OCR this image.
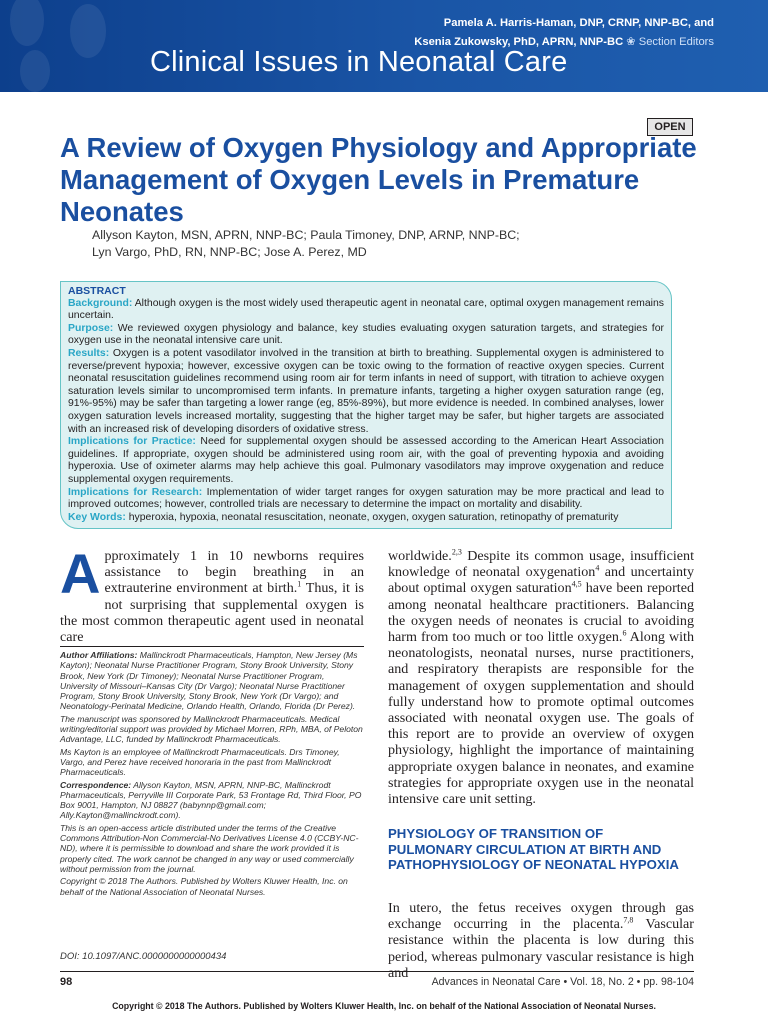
Pamela A. Harris-Haman, DNP, CRNP, NNP-BC, and
Ksenia Zukowsky, PhD, APRN, NNP-BC ❀ Section Editors
Clinical Issues in Neonatal Care
OPEN
A Review of Oxygen Physiology and Appropriate Management of Oxygen Levels in Premature Neonates
Allyson Kayton, MSN, APRN, NNP-BC; Paula Timoney, DNP, ARNP, NNP-BC;
Lyn Vargo, PhD, RN, NNP-BC; Jose A. Perez, MD
ABSTRACT

Background: Although oxygen is the most widely used therapeutic agent in neonatal care, optimal oxygen management remains uncertain.

Purpose: We reviewed oxygen physiology and balance, key studies evaluating oxygen saturation targets, and strategies for oxygen use in the neonatal intensive care unit.

Results: Oxygen is a potent vasodilator involved in the transition at birth to breathing. Supplemental oxygen is administered to reverse/prevent hypoxia; however, excessive oxygen can be toxic owing to the formation of reactive oxygen species. Current neonatal resuscitation guidelines recommend using room air for term infants in need of support, with titration to achieve oxygen saturation levels similar to uncompromised term infants. In premature infants, targeting a higher oxygen saturation range (eg, 91%-95%) may be safer than targeting a lower range (eg, 85%-89%), but more evidence is needed. In combined analyses, lower oxygen saturation levels increased mortality, suggesting that the higher target may be safer, but higher targets are associated with an increased risk of developing disorders of oxidative stress.

Implications for Practice: Need for supplemental oxygen should be assessed according to the American Heart Association guidelines. If appropriate, oxygen should be administered using room air, with the goal of preventing hypoxia and avoiding hyperoxia. Use of oximeter alarms may help achieve this goal. Pulmonary vasodilators may improve oxygenation and reduce supplemental oxygen requirements.

Implications for Research: Implementation of wider target ranges for oxygen saturation may be more practical and lead to improved outcomes; however, controlled trials are necessary to determine the impact on mortality and disability.

Key Words: hyperoxia, hypoxia, neonatal resuscitation, neonate, oxygen, oxygen saturation, retinopathy of prematurity

Approximately 1 in 10 newborns requires assistance to begin breathing in an extrauterine environment at birth.$^1$ Thus, it is not surprising that supplemental oxygen is the most common therapeutic agent used in neonatal care

Author Affiliations: Mallinckrodt Pharmaceuticals, Hampton, New Jersey (Ms Kayton); Neonatal Nurse Practitioner Program, Stony Brook University, Stony Brook, New York (Dr Timoney); Neonatal Nurse Practitioner Program, University of Missouri–Kansas City (Dr Vargo); Neonatal Nurse Practitioner Program, Stony Brook University, Stony Brook, New York (Dr Vargo); and Neonatology-Perinatal Medicine, Orlando Health, Orlando, Florida (Dr Perez).

The manuscript was sponsored by Mallinckrodt Pharmaceuticals. Medical writing/editorial support was provided by Michael Morren, RPh, MBA, of Peloton Advantage, LLC, funded by Mallinckrodt Pharmaceuticals.

Ms Kayton is an employee of Mallinckrodt Pharmaceuticals. Drs Timoney, Vargo, and Perez have received honoraria in the past from Mallinckrodt Pharmaceuticals.

Correspondence: Allyson Kayton, MSN, APRN, NNP-BC, Mallinckrodt Pharmaceuticals, Perryville III Corporate Park, 53 Frontage Rd, Third Floor, PO Box 9001, Hampton, NJ 08827 (babynnp@gmail.com; Ally.Kayton@mallinckrodt.com).

This is an open-access article distributed under the terms of the Creative Commons Attribution-Non Commercial-No Derivatives License 4.0 (CCBY-NC-ND), where it is permissible to download and share the work provided it is properly cited. The work cannot be changed in any way or used commercially without permission from the journal.

Copyright © 2018 The Authors. Published by Wolters Kluwer Health, Inc. on behalf of the National Association of Neonatal Nurses.

DOI: 10.1097/ANC.0000000000000434

worldwide.$^{2,3}$ Despite its common usage, insufficient knowledge of neonatal oxygenation$^4$ and uncertainty about optimal oxygen saturation$^{4,5}$ have been reported among neonatal healthcare practitioners. Balancing the oxygen needs of neonates is crucial to avoiding harm from too much or too little oxygen.$^6$ Along with neonatologists, neonatal nurses, nurse practitioners, and respiratory therapists are responsible for the management of oxygen supplementation and should fully understand how to promote optimal outcomes associated with neonatal oxygen use. The goals of this report are to provide an overview of oxygen physiology, highlight the importance of maintaining appropriate oxygen balance in neonates, and examine strategies for appropriate oxygen use in the neonatal intensive care unit setting.

PHYSIOLOGY OF TRANSITION OF PULMONARY CIRCULATION AT BIRTH AND PATHOPHYSIOLOGY OF NEONATAL HYPOXIA

In utero, the fetus receives oxygen through gas exchange occurring in the placenta.$^{7,8}$ Vascular resistance within the placenta is low during this period, whereas pulmonary vascular resistance is high and

98	Advances in Neonatal Care • Vol. 18, No. 2 • pp. 98-104
Copyright © 2018 The Authors. Published by Wolters Kluwer Health, Inc. on behalf of the National Association of Neonatal Nurses.
